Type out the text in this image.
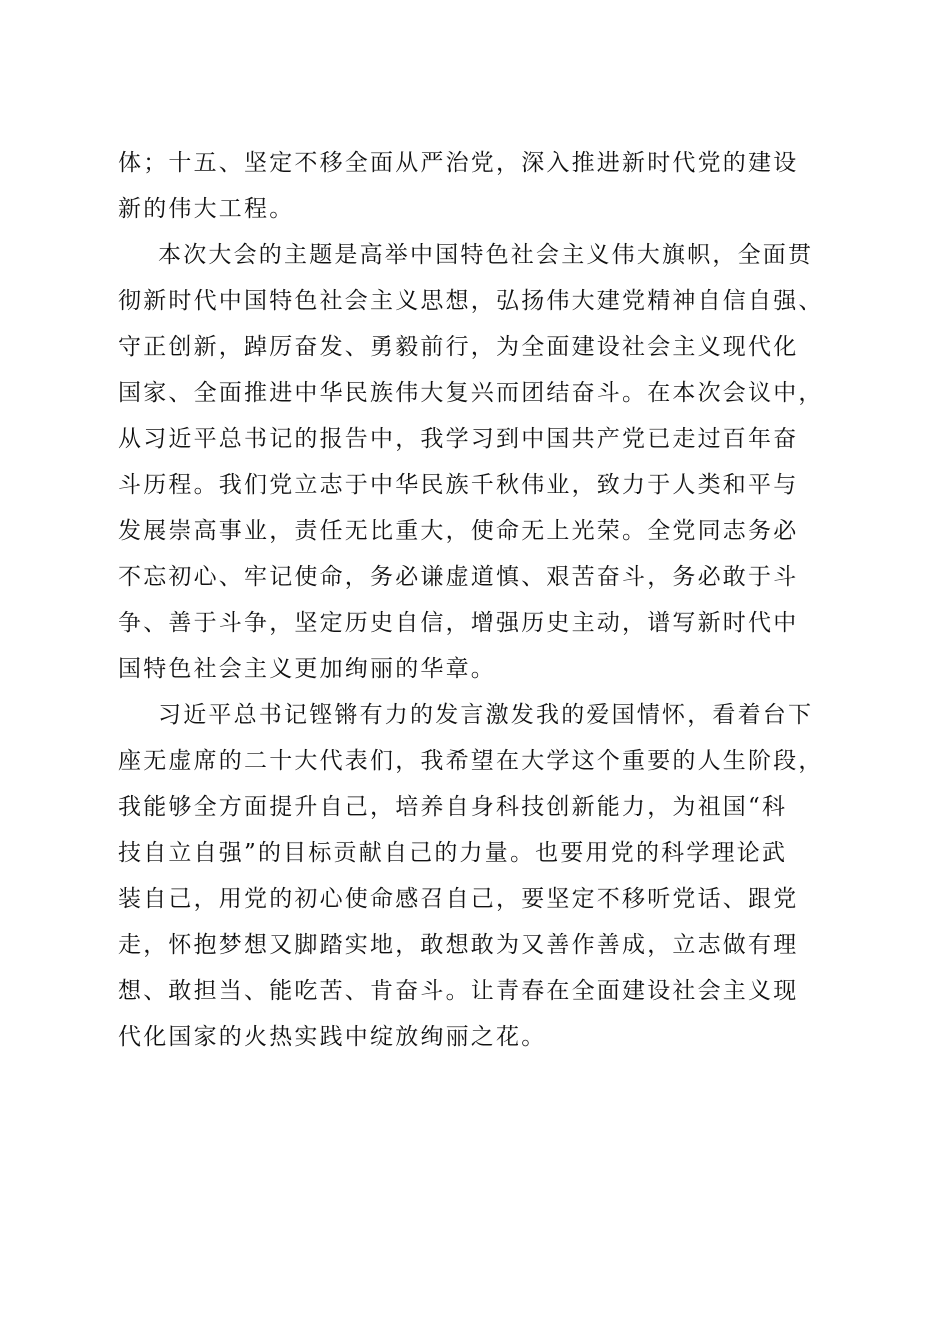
体；十五、坚定不移全面从严治党，深入推进新时代党的建设
新的伟大工程。
本次大会的主题是高举中国特色社会主义伟大旗帜，全面贯
彻新时代中国特色社会主义思想，弘扬伟大建党精神自信自强、
守正创新，踔厉奋发、勇毅前行，为全面建设社会主义现代化
国家、全面推进中华民族伟大复兴而团结奋斗。在本次会议中，
从习近平总书记的报告中，我学习到中国共产党已走过百年奋
斗历程。我们党立志于中华民族千秋伟业，致力于人类和平与
发展崇高事业，责任无比重大，使命无上光荣。全党同志务必
不忘初心、牢记使命，务必谦虚道慎、艰苦奋斗，务必敢于斗
争、善于斗争，坚定历史自信，增强历史主动，谱写新时代中
国特色社会主义更加绚丽的华章。
习近平总书记铿锵有力的发言激发我的爱国情怀，看着台下
座无虚席的二十大代表们，我希望在大学这个重要的人生阶段，
我能够全方面提升自己，培养自身科技创新能力，为祖国“科
技自立自强”的目标贡献自己的力量。也要用党的科学理论武
装自己，用党的初心使命感召自己，要坚定不移听党话、跟党
走，怀抱梦想又脚踏实地，敢想敢为又善作善成，立志做有理
想、敢担当、能吃苦、肯奋斗。让青春在全面建设社会主义现
代化国家的火热实践中绽放绚丽之花。
